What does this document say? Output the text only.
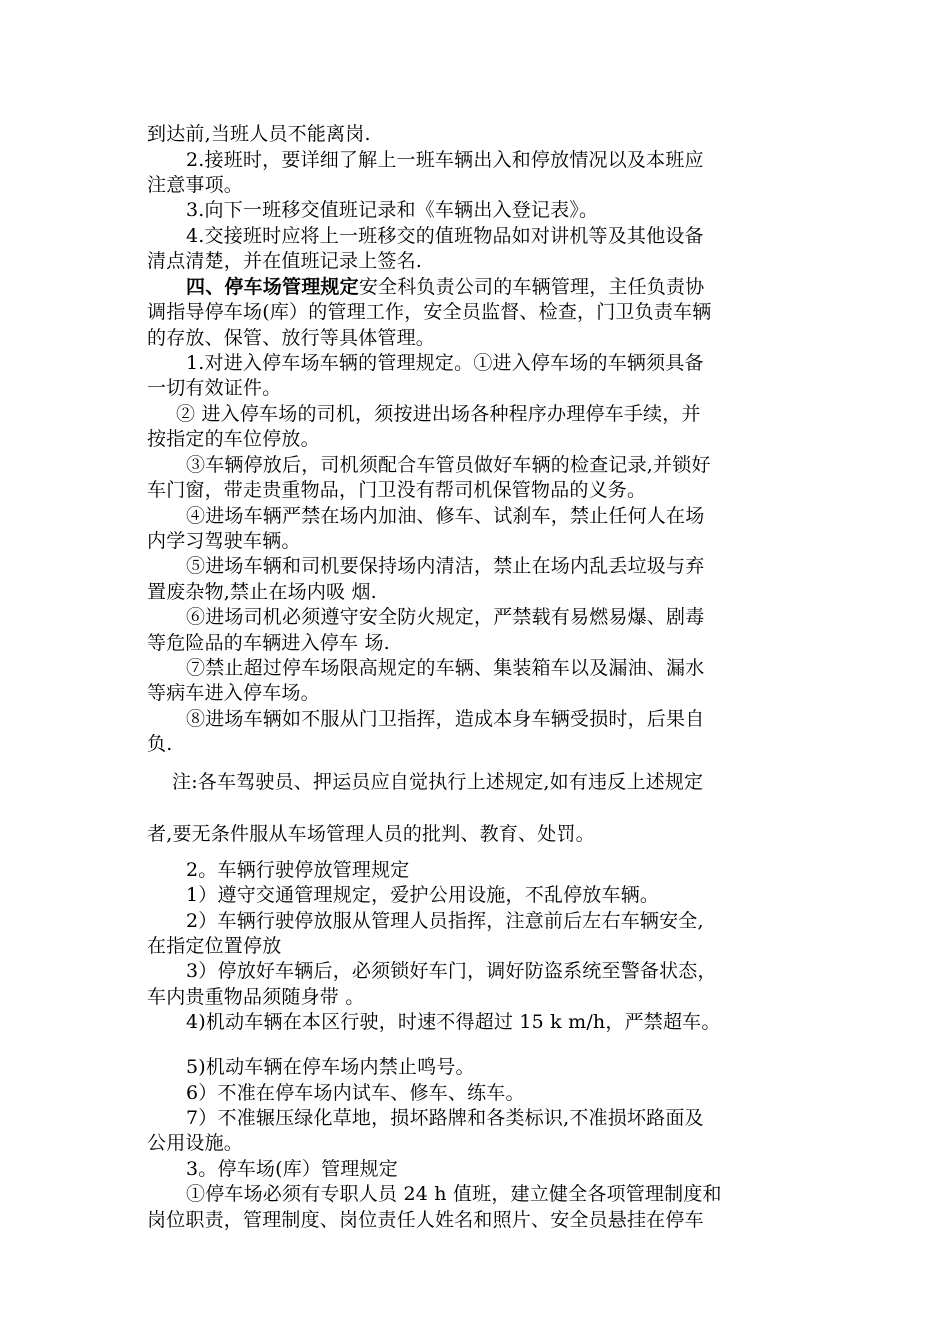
到达前,当班人员不能离岗.
2.接班时，要详细了解上一班车辆出入和停放情况以及本班应
注意事项。
3.向下一班移交值班记录和《车辆出入登记表》。
4.交接班时应将上一班移交的值班物品如对讲机等及其他设备
清点清楚，并在值班记录上签名.
四、停车场管理规定安全科负责公司的车辆管理，主任负责协
调指导停车场(库）的管理工作，安全员监督、检查，门卫负责车辆
的存放、保管、放行等具体管理。
1.对进入停车场车辆的管理规定。①进入停车场的车辆须具备
一切有效证件。
② 进入停车场的司机，须按进出场各种程序办理停车手续，并
按指定的车位停放。
③车辆停放后，司机须配合车管员做好车辆的检查记录,并锁好
车门窗，带走贵重物品，门卫没有帮司机保管物品的义务。
④进场车辆严禁在场内加油、修车、试刹车，禁止任何人在场
内学习驾驶车辆。
⑤进场车辆和司机要保持场内清洁，禁止在场内乱丢垃圾与弃
置废杂物,禁止在场内吸 烟.
⑥进场司机必须遵守安全防火规定，严禁载有易燃易爆、剧毒
等危险品的车辆进入停车 场.
⑦禁止超过停车场限高规定的车辆、集装箱车以及漏油、漏水
等病车进入停车场。
⑧进场车辆如不服从门卫指挥，造成本身车辆受损时，后果自
负.
注:各车驾驶员、押运员应自觉执行上述规定,如有违反上述规定
者,要无条件服从车场管理人员的批判、教育、处罚。
2。车辆行驶停放管理规定
1）遵守交通管理规定，爱护公用设施，不乱停放车辆。
2）车辆行驶停放服从管理人员指挥，注意前后左右车辆安全,
在指定位置停放
3）停放好车辆后，必须锁好车门，调好防盗系统至警备状态，
车内贵重物品须随身带 。
4)机动车辆在本区行驶，时速不得超过 15 k m/h，严禁超车。
5)机动车辆在停车场内禁止鸣号。
6）不准在停车场内试车、修车、练车。
7）不准辗压绿化草地，损坏路牌和各类标识,不准损坏路面及
公用设施。
3。停车场(库）管理规定
①停车场必须有专职人员 24 h 值班，建立健全各项管理制度和
岗位职责，管理制度、岗位责任人姓名和照片、安全员悬挂在停车
